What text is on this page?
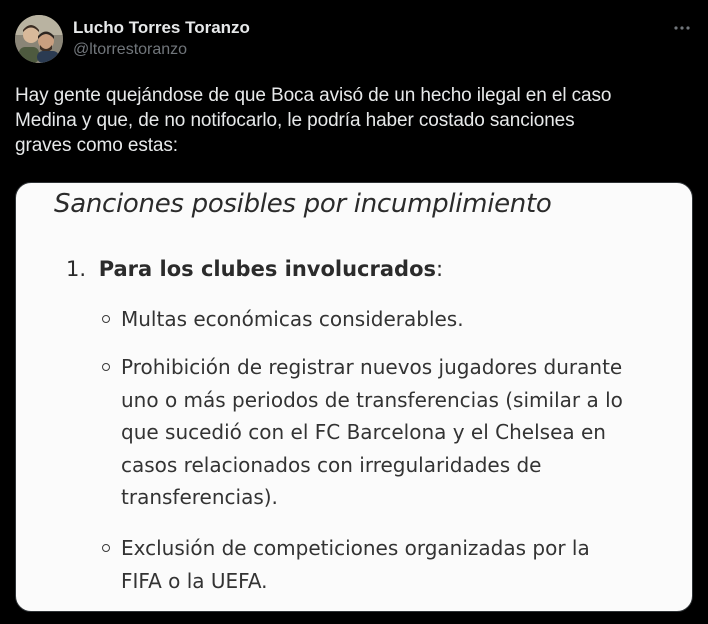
Lucho Torres Toranzo
@ltorrestoranzo
Hay gente quejándose de que Boca avisó de un hecho ilegal en el caso
Medina y que, de no notifocarlo, le podría haber costado sanciones
graves como estas:
Sanciones posibles por incumplimiento
1. Para los clubes involucrados:
Multas económicas considerables.
Prohibición de registrar nuevos jugadores durante
uno o más periodos de transferencias (similar a lo
que sucedió con el FC Barcelona y el Chelsea en
casos relacionados con irregularidades de
transferencias).
Exclusión de competiciones organizadas por la
FIFA o la UEFA.
